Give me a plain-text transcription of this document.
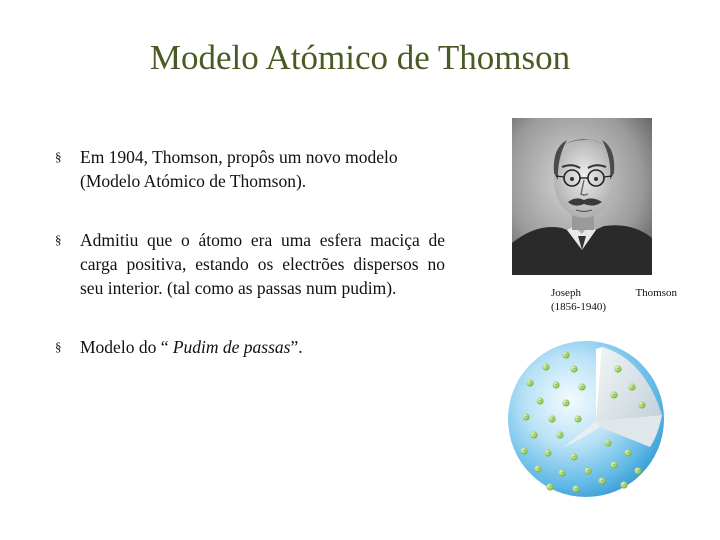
Modelo Atómico de Thomson
§ Em 1904, Thomson, propôs um novo modelo
(Modelo Atómico de Thomson).
§ Admitiu que o átomo era uma esfera maciça de carga positiva, estando os electrões dispersos no seu interior. (tal como as passas num pudim).
§ Modelo do “ Pudim de passas”.
Joseph	Thomson
(1856-1940)
-
-	-
-	-	-
-	-
-	-	-
-	-
-	-
-
-
-	-
-	-
-
-
-
-
-
-
-
-
-
-
